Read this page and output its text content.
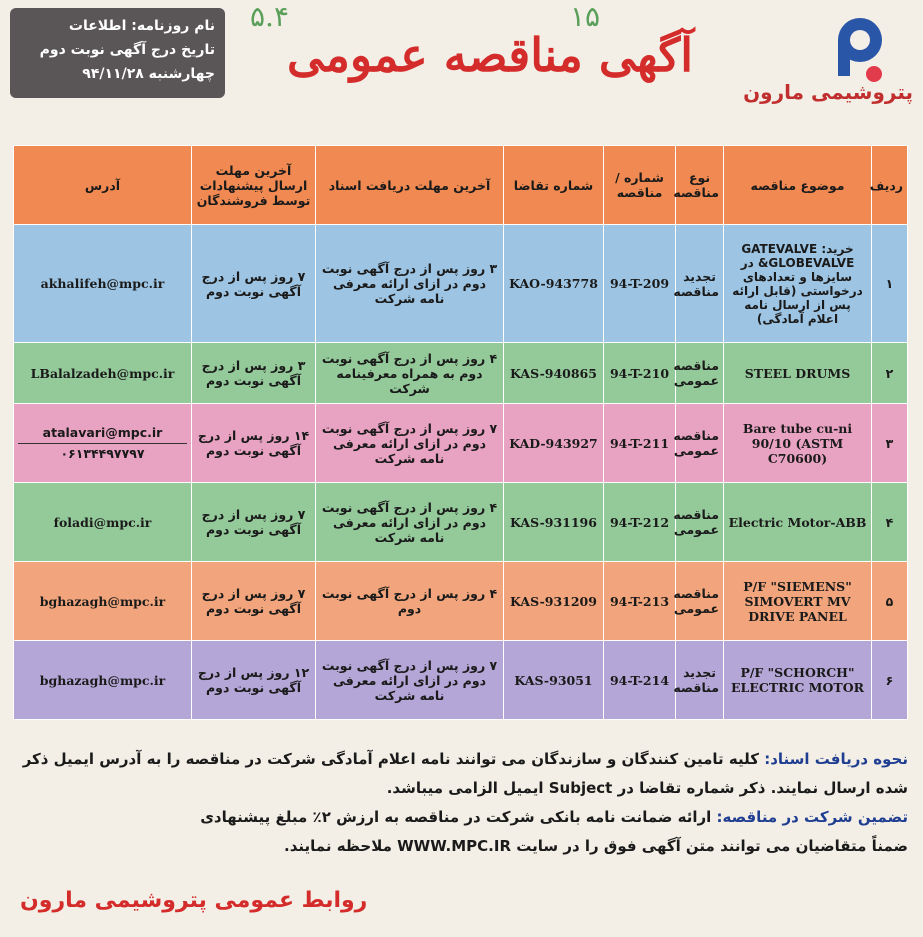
پتروشیمی مارون
۵.۴	۱۵
آگهی مناقصه عمومی
نام روزنامه: اطلاعات
تاریخ درج آگهی نوبت دوم
چهارشنبه ۹۴/۱۱/۲۸
ردیف	موضوع مناقصه	نوع مناقصه	شماره / مناقصه	شماره تقاضا	آخرین مهلت دریافت اسناد	آخرین مهلت ارسال پیشنهادات توسط فروشندگان	آدرس
۱	خرید: GATEVALVE &GLOBEVALVE در سایزها و تعدادهای درخواستی (قابل ارائه پس از ارسال نامه اعلام آمادگی)	تجدید مناقصه	94-T-209	KAO-943778	۳ روز پس از درج آگهی نوبت دوم در ازای ارائه معرفی نامه شرکت	۷ روز پس از درج آگهی نوبت دوم	akhalifeh@mpc.ir
۲	STEEL DRUMS	مناقصه عمومی	94-T-210	KAS-940865	۴ روز پس از درج آگهی نوبت دوم به همراه معرفینامه شرکت	۳ روز پس از درج آگهی نوبت دوم	LBalalzadeh@mpc.ir
۳	Bare tube cu-ni 90/10 (ASTM C70600)	مناقصه عمومی	94-T-211	KAD-943927	۷ روز پس از درج آگهی نوبت دوم در ازای ارائه معرفی نامه شرکت	۱۴ روز پس از درج آگهی نوبت دوم	atalavari@mpc.ir
۰۶۱۳۴۴۹۷۷۹۷

۴	Electric Motor-ABB	مناقصه عمومی	94-T-212	KAS-931196	۴ روز پس از درج آگهی نوبت دوم در ازای ارائه معرفی نامه شرکت	۷ روز پس از درج آگهی نوبت دوم	foladi@mpc.ir
۵	P/F "SIEMENS" SIMOVERT MV DRIVE PANEL	مناقصه عمومی	94-T-213	KAS-931209	۴ روز پس از درج آگهی نوبت دوم	۷ روز پس از درج آگهی نوبت دوم	bghazagh@mpc.ir
۶	P/F "SCHORCH" ELECTRIC MOTOR	تجدید مناقصه	94-T-214	KAS-93051	۷ روز پس از درج آگهی نوبت دوم در ازای ارائه معرفی نامه شرکت	۱۲ روز پس از درج آگهی نوبت دوم	bghazagh@mpc.ir
نحوه دریافت اسناد: کلیه تامین کنندگان و سازندگان می توانند نامه اعلام آمادگی شرکت در مناقصه را به آدرس ایمیل ذکر شده ارسال نمایند. ذکر شماره تقاضا در Subject ایمیل الزامی میباشد.
تضمین شرکت در مناقصه: ارائه ضمانت نامه بانکی شرکت در مناقصه به ارزش ۲٪ مبلغ پیشنهادی
ضمناً متقاضیان می توانند متن آگهی فوق را در سایت WWW.MPC.IR ملاحظه نمایند.
روابط عمومی پتروشیمی مارون
